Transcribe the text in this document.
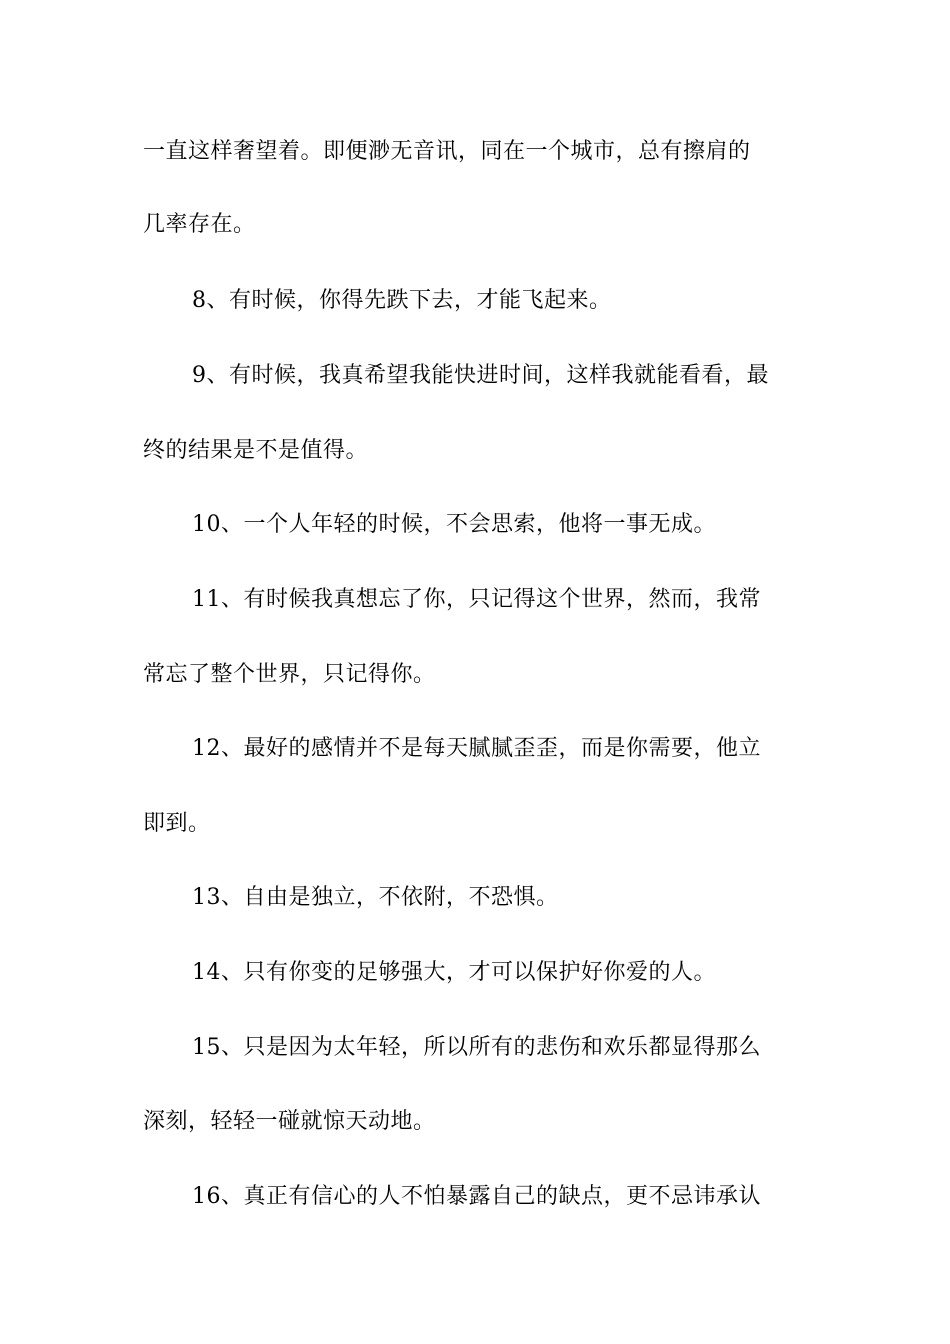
一直这样奢望着。即便渺无音讯，同在一个城市，总有擦肩的
几率存在。
8、有时候，你得先跌下去，才能飞起来。
9、有时候，我真希望我能快进时间，这样我就能看看，最
终的结果是不是值得。
10、一个人年轻的时候，不会思索，他将一事无成。
11、有时候我真想忘了你，只记得这个世界，然而，我常
常忘了整个世界，只记得你。
12、最好的感情并不是每天腻腻歪歪，而是你需要，他立
即到。
13、自由是独立，不依附，不恐惧。
14、只有你变的足够强大，才可以保护好你爱的人。
15、只是因为太年轻，所以所有的悲伤和欢乐都显得那么
深刻，轻轻一碰就惊天动地。
16、真正有信心的人不怕暴露自己的缺点，更不忌讳承认
